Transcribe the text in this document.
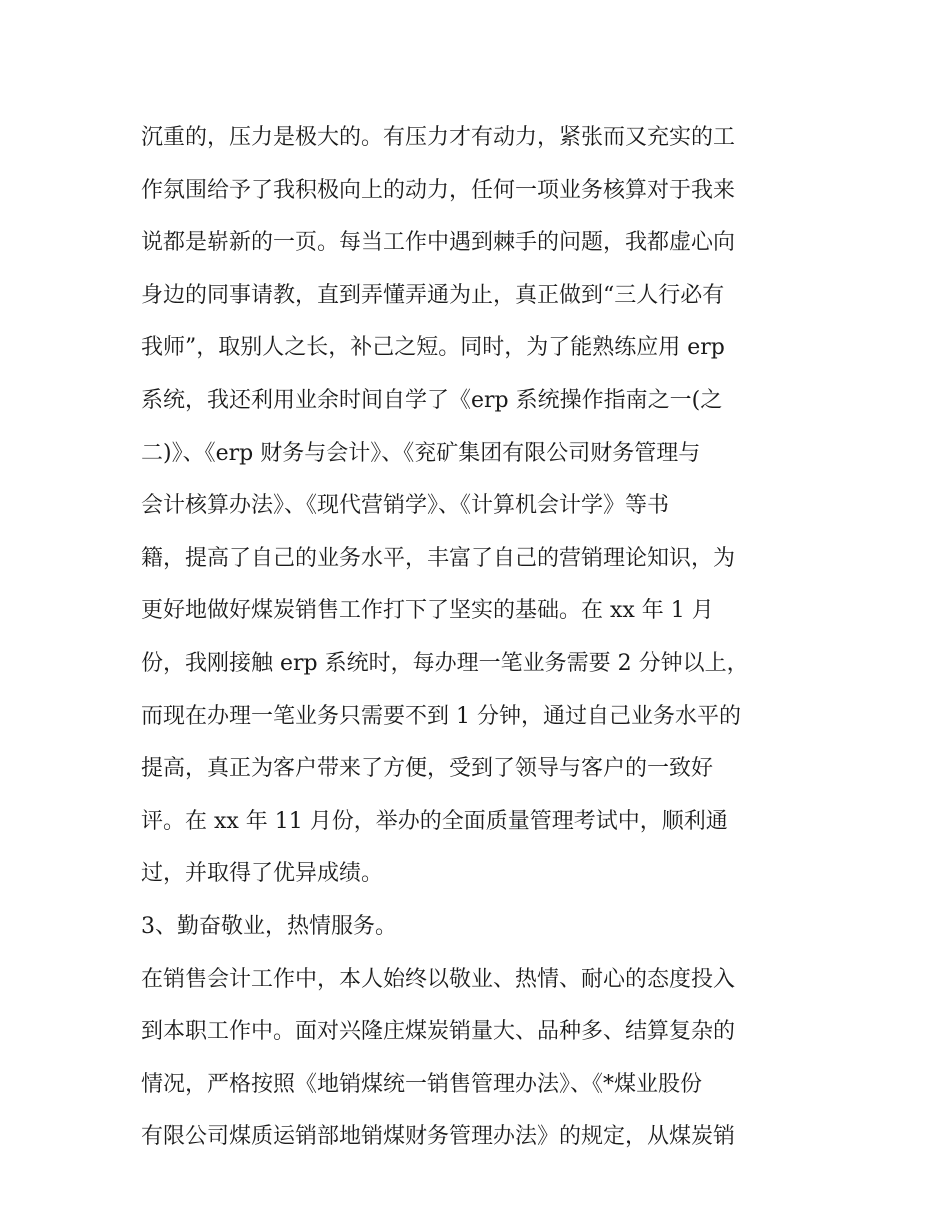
沉重的，压力是极大的。有压力才有动力，紧张而又充实的工
作氛围给予了我积极向上的动力，任何一项业务核算对于我来
说都是崭新的一页。每当工作中遇到棘手的问题，我都虚心向
身边的同事请教，直到弄懂弄通为止，真正做到“三人行必有
我师”，取别人之长，补己之短。同时，为了能熟练应用 erp
系统，我还利用业余时间自学了《erp 系统操作指南之一(之
二)》、《erp 财务与会计》、《兖矿集团有限公司财务管理与
会计核算办法》、《现代营销学》、《计算机会计学》等书
籍，提高了自己的业务水平，丰富了自己的营销理论知识，为
更好地做好煤炭销售工作打下了坚实的基础。在 xx 年 1 月
份，我刚接触 erp 系统时，每办理一笔业务需要 2 分钟以上，
而现在办理一笔业务只需要不到 1 分钟，通过自己业务水平的
提高，真正为客户带来了方便，受到了领导与客户的一致好
评。在 xx 年 11 月份，举办的全面质量管理考试中，顺利通
过，并取得了优异成绩。
3、勤奋敬业，热情服务。
在销售会计工作中，本人始终以敬业、热情、耐心的态度投入
到本职工作中。面对兴隆庄煤炭销量大、品种多、结算复杂的
情况，严格按照《地销煤统一销售管理办法》、《*煤业股份
有限公司煤质运销部地销煤财务管理办法》的规定，从煤炭销
